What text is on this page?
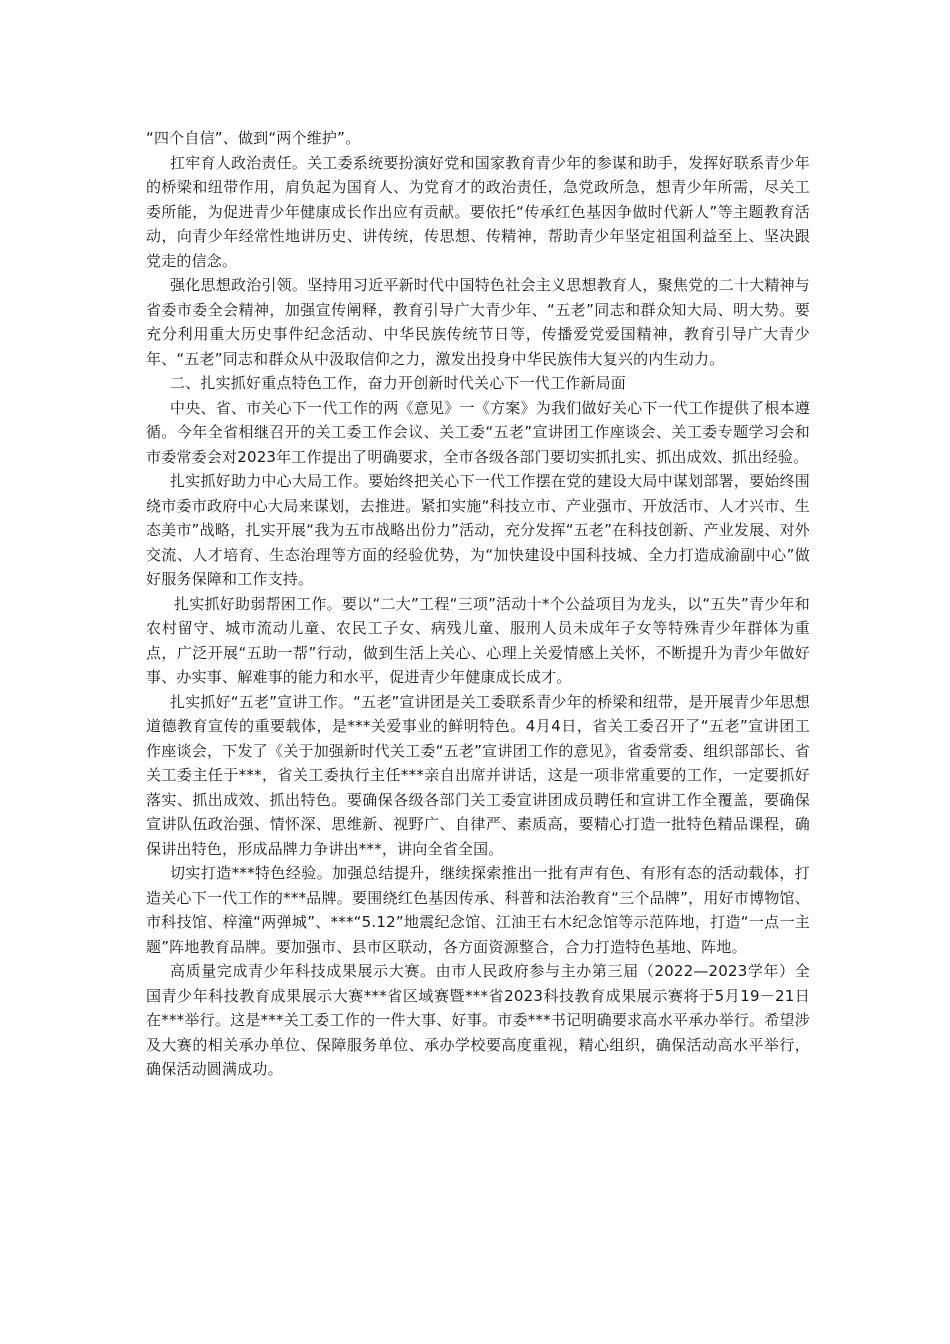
“四个自信”、做到“两个维护”。

扛牢育人政治责任。关工委系统要扮演好党和国家教育青少年的参谋和助手，发挥好联系青少年的桥梁和纽带作用，肩负起为国育人、为党育才的政治责任，急党政所急，想青少年所需，尽关工委所能，为促进青少年健康成长作出应有贡献。要依托“传承红色基因争做时代新人”等主题教育活动，向青少年经常性地讲历史、讲传统，传思想、传精神，帮助青少年坚定祖国利益至上、坚决跟党走的信念。

强化思想政治引领。坚持用习近平新时代中国特色社会主义思想教育人，聚焦党的二十大精神与省委市委全会精神，加强宣传阐释，教育引导广大青少年、“五老”同志和群众知大局、明大势。要充分利用重大历史事件纪念活动、中华民族传统节日等，传播爱党爱国精神，教育引导广大青少年、“五老”同志和群众从中汲取信仰之力，激发出投身中华民族伟大复兴的内生动力。

二、扎实抓好重点特色工作，奋力开创新时代关心下一代工作新局面

中央、省、市关心下一代工作的两《意见》一《方案》为我们做好关心下一代工作提供了根本遵循。今年全省相继召开的关工委工作会议、关工委“五老”宣讲团工作座谈会、关工委专题学习会和市委常委会对2023年工作提出了明确要求，全市各级各部门要切实抓扎实、抓出成效、抓出经验。

扎实抓好助力中心大局工作。要始终把关心下一代工作摆在党的建设大局中谋划部署，要始终围绕市委市政府中心大局来谋划，去推进。紧扣实施“科技立市、产业强市、开放活市、人才兴市、生态美市”战略，扎实开展“我为五市战略出份力”活动，充分发挥“五老”在科技创新、产业发展、对外交流、人才培育、生态治理等方面的经验优势，为“加快建设中国科技城、全力打造成渝副中心”做好服务保障和工作支持。

扎实抓好助弱帮困工作。要以“二大”工程“三项”活动十*个公益项目为龙头，以“五失”青少年和农村留守、城市流动儿童、农民工子女、病残儿童、服刑人员未成年子女等特殊青少年群体为重点，广泛开展“五助一帮”行动，做到生活上关心、心理上关爱情感上关怀，不断提升为青少年做好事、办实事、解难事的能力和水平，促进青少年健康成长成才。

扎实抓好“五老”宣讲工作。“五老”宣讲团是关工委联系青少年的桥梁和纽带，是开展青少年思想道德教育宣传的重要载体，是***关爱事业的鲜明特色。4月4日，省关工委召开了“五老”宣讲团工作座谈会，下发了《关于加强新时代关工委“五老”宣讲团工作的意见》，省委常委、组织部部长、省关工委主任于***，省关工委执行主任***亲自出席并讲话，这是一项非常重要的工作，一定要抓好落实、抓出成效、抓出特色。要确保各级各部门关工委宣讲团成员聘任和宣讲工作全覆盖，要确保宣讲队伍政治强、情怀深、思维新、视野广、自律严、素质高，要精心打造一批特色精品课程，确保讲出特色，形成品牌力争讲出***，讲向全省全国。

切实打造***特色经验。加强总结提升，继续探索推出一批有声有色、有形有态的活动载体，打造关心下一代工作的***品牌。要围绕红色基因传承、科普和法治教育“三个品牌”，用好市博物馆、市科技馆、梓潼“两弹城”、***“5.12”地震纪念馆、江油王右木纪念馆等示范阵地，打造“一点一主题”阵地教育品牌。要加强市、县市区联动，各方面资源整合，合力打造特色基地、阵地。

高质量完成青少年科技成果展示大赛。由市人民政府参与主办第三届（2022—2023学年）全国青少年科技教育成果展示大赛***省区域赛暨***省2023科技教育成果展示赛将于5月19－21日在***举行。这是***关工委工作的一件大事、好事。市委***书记明确要求高水平承办举行。希望涉及大赛的相关承办单位、保障服务单位、承办学校要高度重视，精心组织，确保活动高水平举行，确保活动圆满成功。
